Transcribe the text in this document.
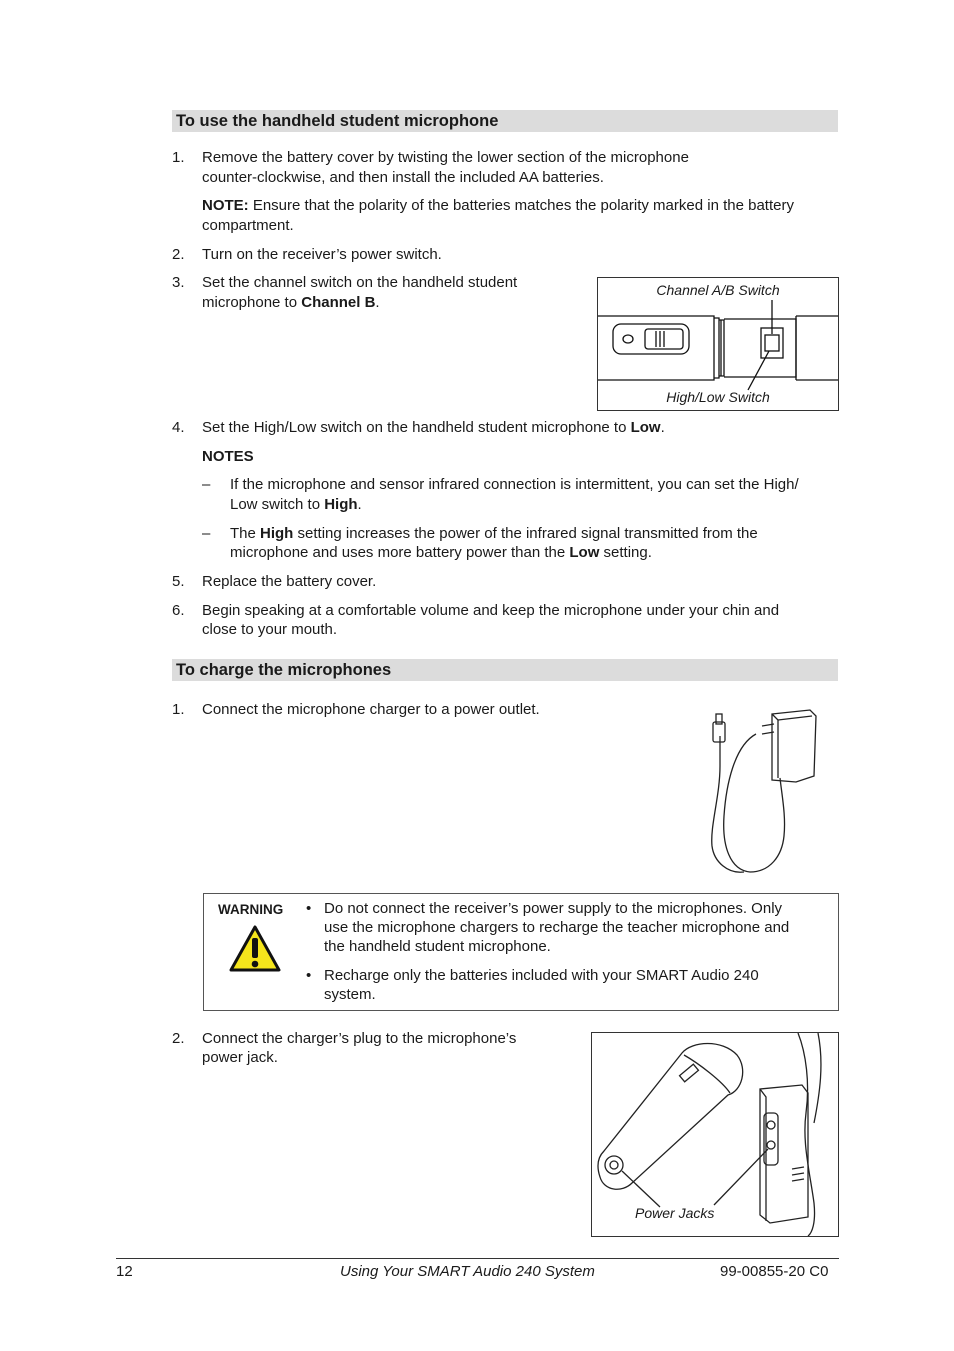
To use the handheld student microphone
1. Remove the battery cover by twisting the lower section of the microphone
counter-clockwise, and then install the included AA batteries.
NOTE: Ensure that the polarity of the batteries matches the polarity marked in the battery
compartment.
2. Turn on the receiver’s power switch.
3. Set the channel switch on the handheld student
microphone to Channel B.
Channel A/B Switch
High/Low Switch
4. Set the High/Low switch on the handheld student microphone to Low.
NOTES
– If the microphone and sensor infrared connection is intermittent, you can set the High/
Low switch to High.
– The High setting increases the power of the infrared signal transmitted from the
microphone and uses more battery power than the Low setting.
5. Replace the battery cover.
6. Begin speaking at a comfortable volume and keep the microphone under your chin and
close to your mouth.
To charge the microphones
1. Connect the microphone charger to a power outlet.
WARNING • Do not connect the receiver’s power supply to the microphones. Only
use the microphone chargers to recharge the teacher microphone and
the handheld student microphone.
• Recharge only the batteries included with your SMART Audio 240
system.
2. Connect the charger’s plug to the microphone’s
power jack.
Power Jacks
12	Using Your SMART Audio 240 System	99-00855-20 C0
